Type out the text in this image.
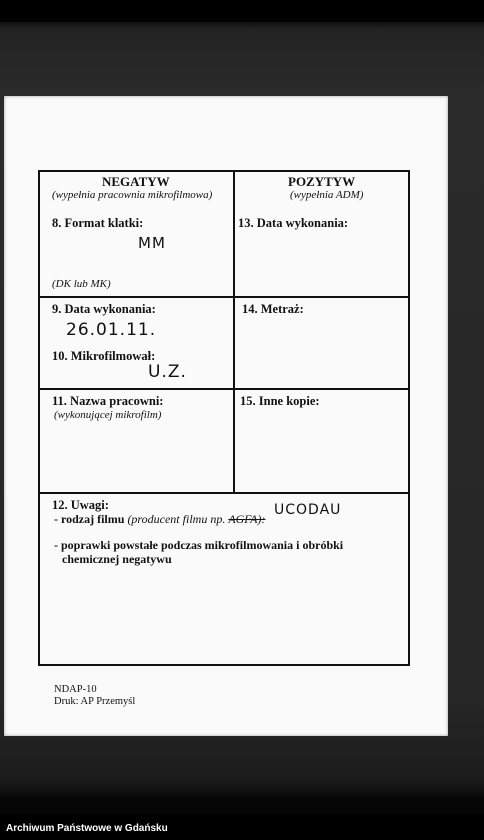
NEGATYW
(wypełnia pracownia mikrofilmowa)
POZYTYW
(wypełnia ADM)
8. Format klatki:
MM
(DK lub MK)
13. Data wykonania:
9. Data wykonania:
26.01.11.
10. Mikrofilmował:
U.Z.
14. Metraż:
11. Nazwa pracowni:
(wykonującej mikrofilm)
15. Inne kopie:
12. Uwagi:
- rodzaj filmu (producent filmu np. AGFA):
UCODAU
- poprawki powstałe podczas mikrofilmowania i obróbki
chemicznej negatywu
NDAP-10
Druk: AP Przemyśl
Archiwum Państwowe w Gdańsku
